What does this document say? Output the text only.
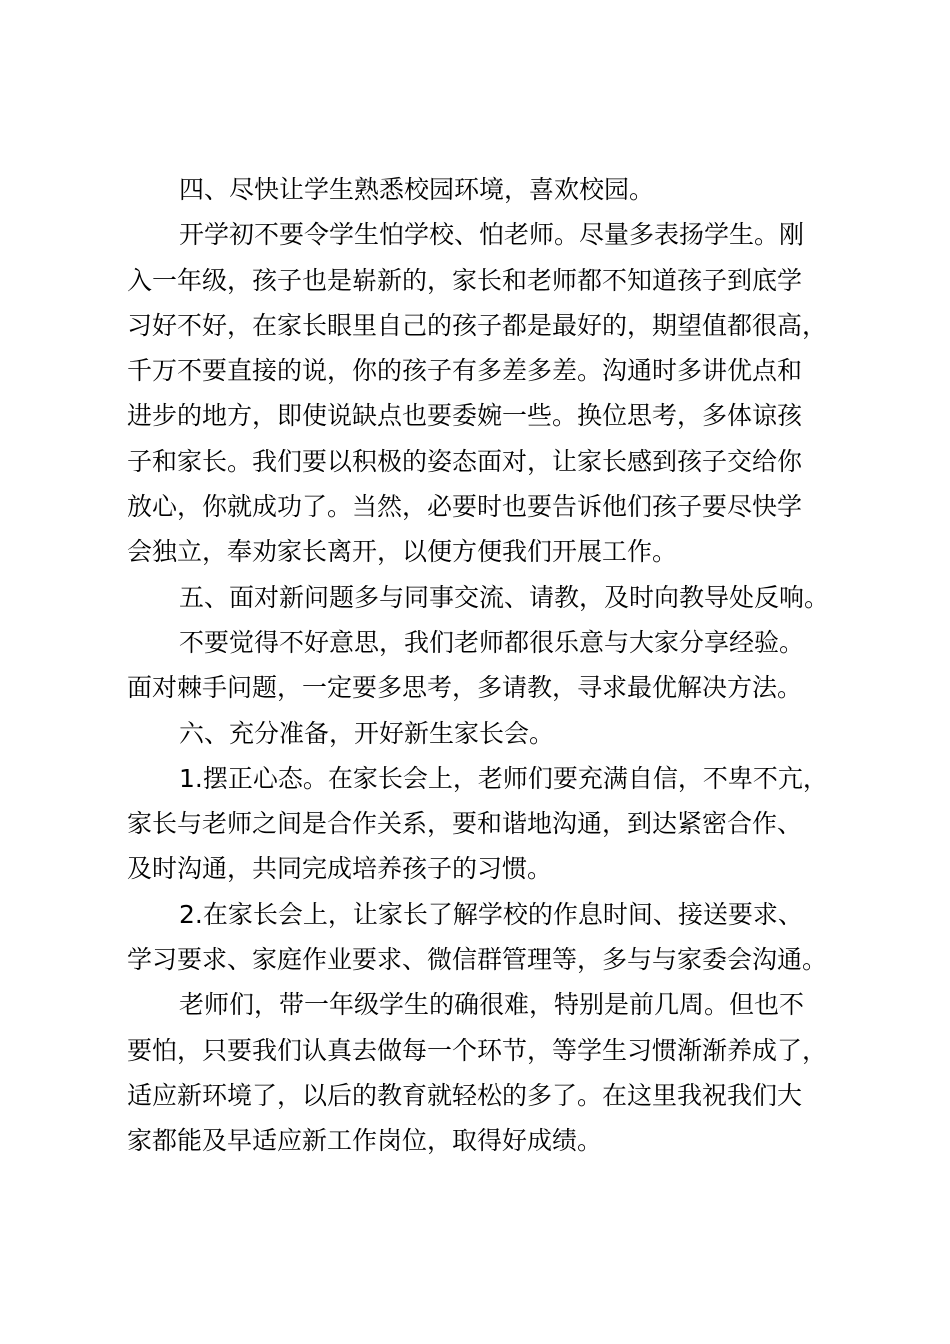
四、尽快让学生熟悉校园环境，喜欢校园。
开学初不要令学生怕学校、怕老师。尽量多表扬学生。刚
入一年级，孩子也是崭新的，家长和老师都不知道孩子到底学
习好不好，在家长眼里自己的孩子都是最好的，期望值都很高，
千万不要直接的说，你的孩子有多差多差。沟通时多讲优点和
进步的地方，即使说缺点也要委婉一些。换位思考，多体谅孩
子和家长。我们要以积极的姿态面对，让家长感到孩子交给你
放心，你就成功了。当然，必要时也要告诉他们孩子要尽快学
会独立，奉劝家长离开，以便方便我们开展工作。
五、面对新问题多与同事交流、请教，及时向教导处反响。
不要觉得不好意思，我们老师都很乐意与大家分享经验。
面对棘手问题，一定要多思考，多请教，寻求最优解决方法。
六、充分准备，开好新生家长会。
1.摆正心态。在家长会上，老师们要充满自信，不卑不亢，
家长与老师之间是合作关系，要和谐地沟通，到达紧密合作、
及时沟通，共同完成培养孩子的习惯。
2.在家长会上，让家长了解学校的作息时间、接送要求、
学习要求、家庭作业要求、微信群管理等，多与与家委会沟通。
老师们，带一年级学生的确很难，特别是前几周。但也不
要怕，只要我们认真去做每一个环节，等学生习惯渐渐养成了，
适应新环境了，以后的教育就轻松的多了。在这里我祝我们大
家都能及早适应新工作岗位，取得好成绩。
